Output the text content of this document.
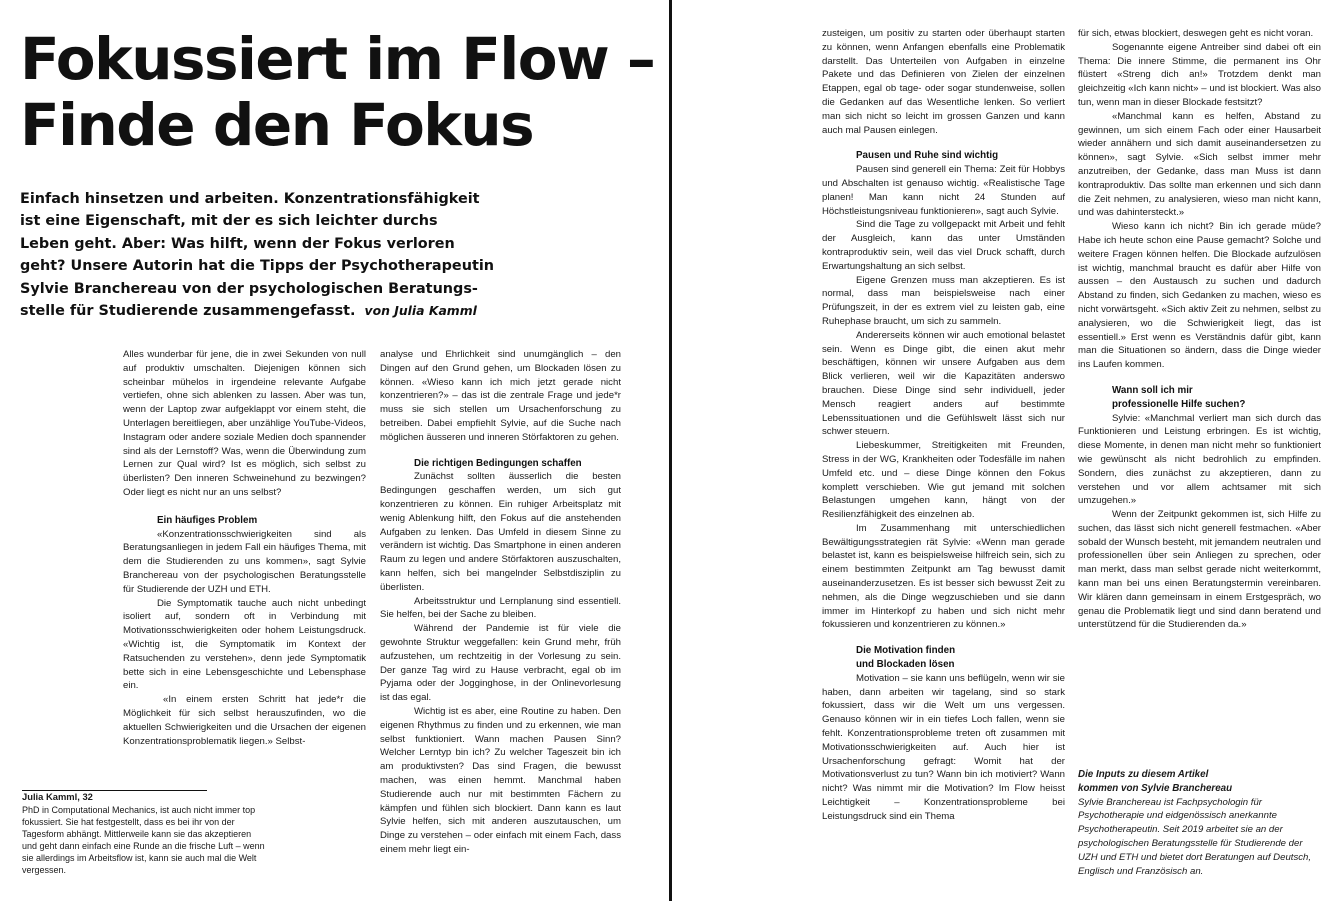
Fokussiert im Flow –
Finde den Fokus
Einfach hinsetzen und arbeiten. Konzentrationsfähigkeit
ist eine Eigenschaft, mit der es sich leichter durchs
Leben geht. Aber: Was hilft, wenn der Fokus verloren
geht? Unsere Autorin hat die Tipps der Psychotherapeutin
Sylvie Branchereau von der psychologischen Beratungs-
stelle für Studierende zusammengefasst. von Julia Kamml

Alles wunderbar für jene, die in zwei Sekunden von null auf produktiv umschalten. Diejenigen können sich scheinbar mühelos in irgendeine relevante Aufgabe vertiefen, ohne sich ablenken zu lassen. Aber was tun, wenn der Laptop zwar aufgeklappt vor einem steht, die Unterlagen bereitliegen, aber unzählige YouTube-Videos, Instagram oder andere soziale Medien doch spannender sind als der Lernstoff? Was, wenn die Überwindung zum Lernen zur Qual wird? Ist es möglich, sich selbst zu überlisten? Den inneren Schweinehund zu bezwingen? Oder liegt es nicht nur an uns selbst?

Ein häufiges Problem

«Konzentrationsschwierigkeiten sind als Beratungsanliegen in jedem Fall ein häufiges Thema, mit dem die Studierenden zu uns kommen», sagt Sylvie Branchereau von der psychologischen Beratungsstelle für Studierende der UZH und ETH.

Die Symptomatik tauche auch nicht unbedingt isoliert auf, sondern oft in Verbindung mit Motivationsschwierigkeiten oder hohem Leistungsdruck. «Wichtig ist, die Symptomatik im Kontext der Ratsuchenden zu verstehen», denn jede Symptomatik bette sich in eine Lebensgeschichte und Lebensphase ein.

«In einem ersten Schritt hat jede*r die Möglichkeit für sich selbst herauszufinden, wo die aktuellen Schwierigkeiten und die Ursachen der eigenen Konzentrationsproblematik liegen.» Selbst-

analyse und Ehrlichkeit sind unumgänglich – den Dingen auf den Grund gehen, um Blockaden lösen zu können. «Wieso kann ich mich jetzt gerade nicht konzentrieren?» – das ist die zentrale Frage und jede*r muss sie sich stellen um Ursachenforschung zu betreiben. Dabei empfiehlt Sylvie, auf die Suche nach möglichen äusseren und inneren Störfaktoren zu gehen.

Die richtigen Bedingungen schaffen

Zunächst sollten äusserlich die besten Bedingungen geschaffen werden, um sich gut konzentrieren zu können. Ein ruhiger Arbeitsplatz mit wenig Ablenkung hilft, den Fokus auf die anstehenden Aufgaben zu lenken. Das Umfeld in diesem Sinne zu verändern ist wichtig. Das Smartphone in einen anderen Raum zu legen und andere Störfaktoren auszuschalten, kann helfen, sich bei mangelnder Selbstdisziplin zu überlisten.

Arbeitsstruktur und Lernplanung sind essentiell. Sie helfen, bei der Sache zu bleiben.

Während der Pandemie ist für viele die gewohnte Struktur weggefallen: kein Grund mehr, früh aufzustehen, um rechtzeitig in der Vorlesung zu sein. Der ganze Tag wird zu Hause verbracht, egal ob im Pyjama oder der Jogginghose, in der Onlinevorlesung ist das egal.

Wichtig ist es aber, eine Routine zu haben. Den eigenen Rhythmus zu finden und zu erkennen, wie man selbst funktioniert. Wann machen Pausen Sinn? Welcher Lerntyp bin ich? Zu welcher Tageszeit bin ich am produktivsten? Das sind Fragen, die bewusst machen, was einen hemmt. Manchmal haben Studierende auch nur mit bestimmten Fächern zu kämpfen und fühlen sich blockiert. Dann kann es laut Sylvie helfen, sich mit anderen auszutauschen, um Dinge zu verstehen – oder einfach mit einem Fach, dass einem mehr liegt ein-

zusteigen, um positiv zu starten oder überhaupt starten zu können, wenn Anfangen ebenfalls eine Problematik darstellt. Das Unterteilen von Aufgaben in einzelne Pakete und das Definieren von Zielen der einzelnen Etappen, egal ob tage- oder sogar stundenweise, sollen die Gedanken auf das Wesentliche lenken. So verliert man sich nicht so leicht im grossen Ganzen und kann auch mal Pausen einlegen.

Pausen und Ruhe sind wichtig

Pausen sind generell ein Thema: Zeit für Hobbys und Abschalten ist genauso wichtig. «Realistische Tage planen! Man kann nicht 24 Stunden auf Höchstleistungsniveau funktionieren», sagt auch Sylvie.

Sind die Tage zu vollgepackt mit Arbeit und fehlt der Ausgleich, kann das unter Umständen kontraproduktiv sein, weil das viel Druck schafft, durch Erwartungshaltung an sich selbst.

Eigene Grenzen muss man akzeptieren. Es ist normal, dass man beispielsweise nach einer Prüfungszeit, in der es extrem viel zu leisten gab, eine Ruhephase braucht, um sich zu sammeln.

Andererseits können wir auch emotional belastet sein. Wenn es Dinge gibt, die einen akut mehr beschäftigen, können wir unsere Aufgaben aus dem Blick verlieren, weil wir die Kapazitäten anderswo brauchen. Diese Dinge sind sehr individuell, jeder Mensch reagiert anders auf bestimmte Lebenssituationen und die Gefühlswelt lässt sich nur schwer steuern.

Liebeskummer, Streitigkeiten mit Freunden, Stress in der WG, Krankheiten oder Todesfälle im nahen Umfeld etc. und – diese Dinge können den Fokus komplett verschieben. Wie gut jemand mit solchen Belastungen umgehen kann, hängt von der Resilienzfähigkeit des einzelnen ab.

Im Zusammenhang mit unterschiedlichen Bewältigungsstrategien rät Sylvie: «Wenn man gerade belastet ist, kann es beispielsweise hilfreich sein, sich zu einem bestimmten Zeitpunkt am Tag bewusst damit auseinanderzusetzen. Es ist besser sich bewusst Zeit zu nehmen, als die Dinge wegzuschieben und sie dann immer im Hinterkopf zu haben und sich nicht mehr fokussieren und konzentrieren zu können.»

Die Motivation finden
und Blockaden lösen

Motivation – sie kann uns beflügeln, wenn wir sie haben, dann arbeiten wir tagelang, sind so stark fokussiert, dass wir die Welt um uns vergessen. Genauso können wir in ein tiefes Loch fallen, wenn sie fehlt. Konzentrationsprobleme treten oft zusammen mit Motivationsschwierigkeiten auf. Auch hier ist Ursachenforschung gefragt: Womit hat der Motivationsverlust zu tun? Wann bin ich motiviert? Wann nicht? Was nimmt mir die Motivation? Im Flow heisst Leichtigkeit – Konzentrationsprobleme bei Leistungsdruck sind ein Thema

für sich, etwas blockiert, deswegen geht es nicht voran.

Sogenannte eigene Antreiber sind dabei oft ein Thema: Die innere Stimme, die permanent ins Ohr flüstert «Streng dich an!» Trotzdem denkt man gleichzeitig «Ich kann nicht» – und ist blockiert. Was also tun, wenn man in dieser Blockade festsitzt?

«Manchmal kann es helfen, Abstand zu gewinnen, um sich einem Fach oder einer Hausarbeit wieder annähern und sich damit auseinandersetzen zu können», sagt Sylvie. «Sich selbst immer mehr anzutreiben, der Gedanke, dass man Muss ist dann kontraproduktiv. Das sollte man erkennen und sich dann die Zeit nehmen, zu analysieren, wieso man nicht kann, und was dahintersteckt.»

Wieso kann ich nicht? Bin ich gerade müde? Habe ich heute schon eine Pause gemacht? Solche und weitere Fragen können helfen. Die Blockade aufzulösen ist wichtig, manchmal braucht es dafür aber Hilfe von aussen – den Austausch zu suchen und dadurch Abstand zu finden, sich Gedanken zu machen, wieso es nicht vorwärtsgeht. «Sich aktiv Zeit zu nehmen, selbst zu analysieren, wo die Schwierigkeit liegt, das ist essentiell.» Erst wenn es Verständnis dafür gibt, kann man die Situationen so ändern, dass die Dinge wieder ins Laufen kommen.

Wann soll ich mir
professionelle Hilfe suchen?

Sylvie: «Manchmal verliert man sich durch das Funktionieren und Leistung erbringen. Es ist wichtig, diese Momente, in denen man nicht mehr so funktioniert wie gewünscht als nicht bedrohlich zu empfinden. Sondern, dies zunächst zu akzeptieren, dann zu verstehen und vor allem achtsamer mit sich umzugehen.»

Wenn der Zeitpunkt gekommen ist, sich Hilfe zu suchen, das lässt sich nicht generell festmachen. «Aber sobald der Wunsch besteht, mit jemandem neutralen und professionellen über sein Anliegen zu sprechen, oder man merkt, dass man selbst gerade nicht weiterkommt, kann man bei uns einen Beratungstermin vereinbaren. Wir klären dann gemeinsam in einem Erstgespräch, wo genau die Problematik liegt und sind dann beratend und unterstützend für die Studierenden da.»

Julia Kamml, 32

PhD in Computational Mechanics, ist auch nicht immer top fokussiert. Sie hat festgestellt, dass es bei ihr von der Tagesform abhängt. Mittlerweile kann sie das akzeptieren und geht dann einfach eine Runde an die frische Luft – wenn sie allerdings im Arbeitsflow ist, kann sie auch mal die Welt vergessen.

Die Inputs zu diesem Artikel
kommen von Sylvie Branchereau

Sylvie Branchereau ist Fachpsychologin für Psychotherapie und eidgenössisch anerkannte Psychotherapeutin. Seit 2019 arbeitet sie an der psychologischen Beratungsstelle für Studierende der UZH und ETH und bietet dort Beratungen auf Deutsch, Englisch und Französisch an.
